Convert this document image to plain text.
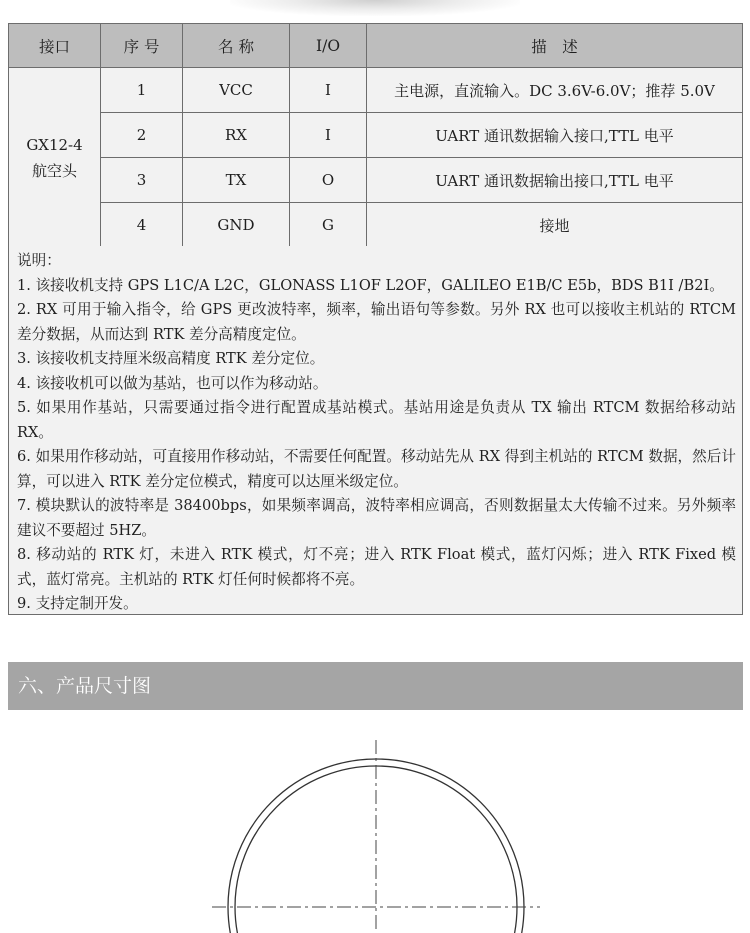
接口	序 号	名 称	I/O	描　述
GX12-4
航空头	1	VCC	I	主电源，直流输入。DC 3.6V-6.0V；推荐 5.0V
	2	RX	I	UART 通讯数据输入接口,TTL 电平
	3	TX	O	UART 通讯数据输出接口,TTL 电平
	4	GND	G	接地

说明：

1. 该接收机支持 GPS L1C/A L2C，GLONASS L1OF L2OF，GALILEO E1B/C E5b，BDS B1I /B2I。

2. RX 可用于输入指令，给 GPS 更改波特率，频率，输出语句等参数。另外 RX 也可以接收主机站的 RTCM 差分数据，从而达到 RTK 差分高精度定位。

3. 该接收机支持厘米级高精度 RTK 差分定位。

4. 该接收机可以做为基站，也可以作为移动站。

5. 如果用作基站，只需要通过指令进行配置成基站模式。基站用途是负责从 TX 输出 RTCM 数据给移动站 RX。

6. 如果用作移动站，可直接用作移动站，不需要任何配置。移动站先从 RX 得到主机站的 RTCM 数据，然后计算，可以进入 RTK 差分定位模式，精度可以达厘米级定位。

7. 模块默认的波特率是 38400bps，如果频率调高，波特率相应调高，否则数据量太大传输不过来。另外频率建议不要超过 5HZ。

8. 移动站的 RTK 灯，未进入 RTK 模式，灯不亮；进入 RTK Float 模式，蓝灯闪烁；进入 RTK Fixed 模式，蓝灯常亮。主机站的 RTK 灯任何时候都将不亮。

9. 支持定制开发。

六、产品尺寸图
